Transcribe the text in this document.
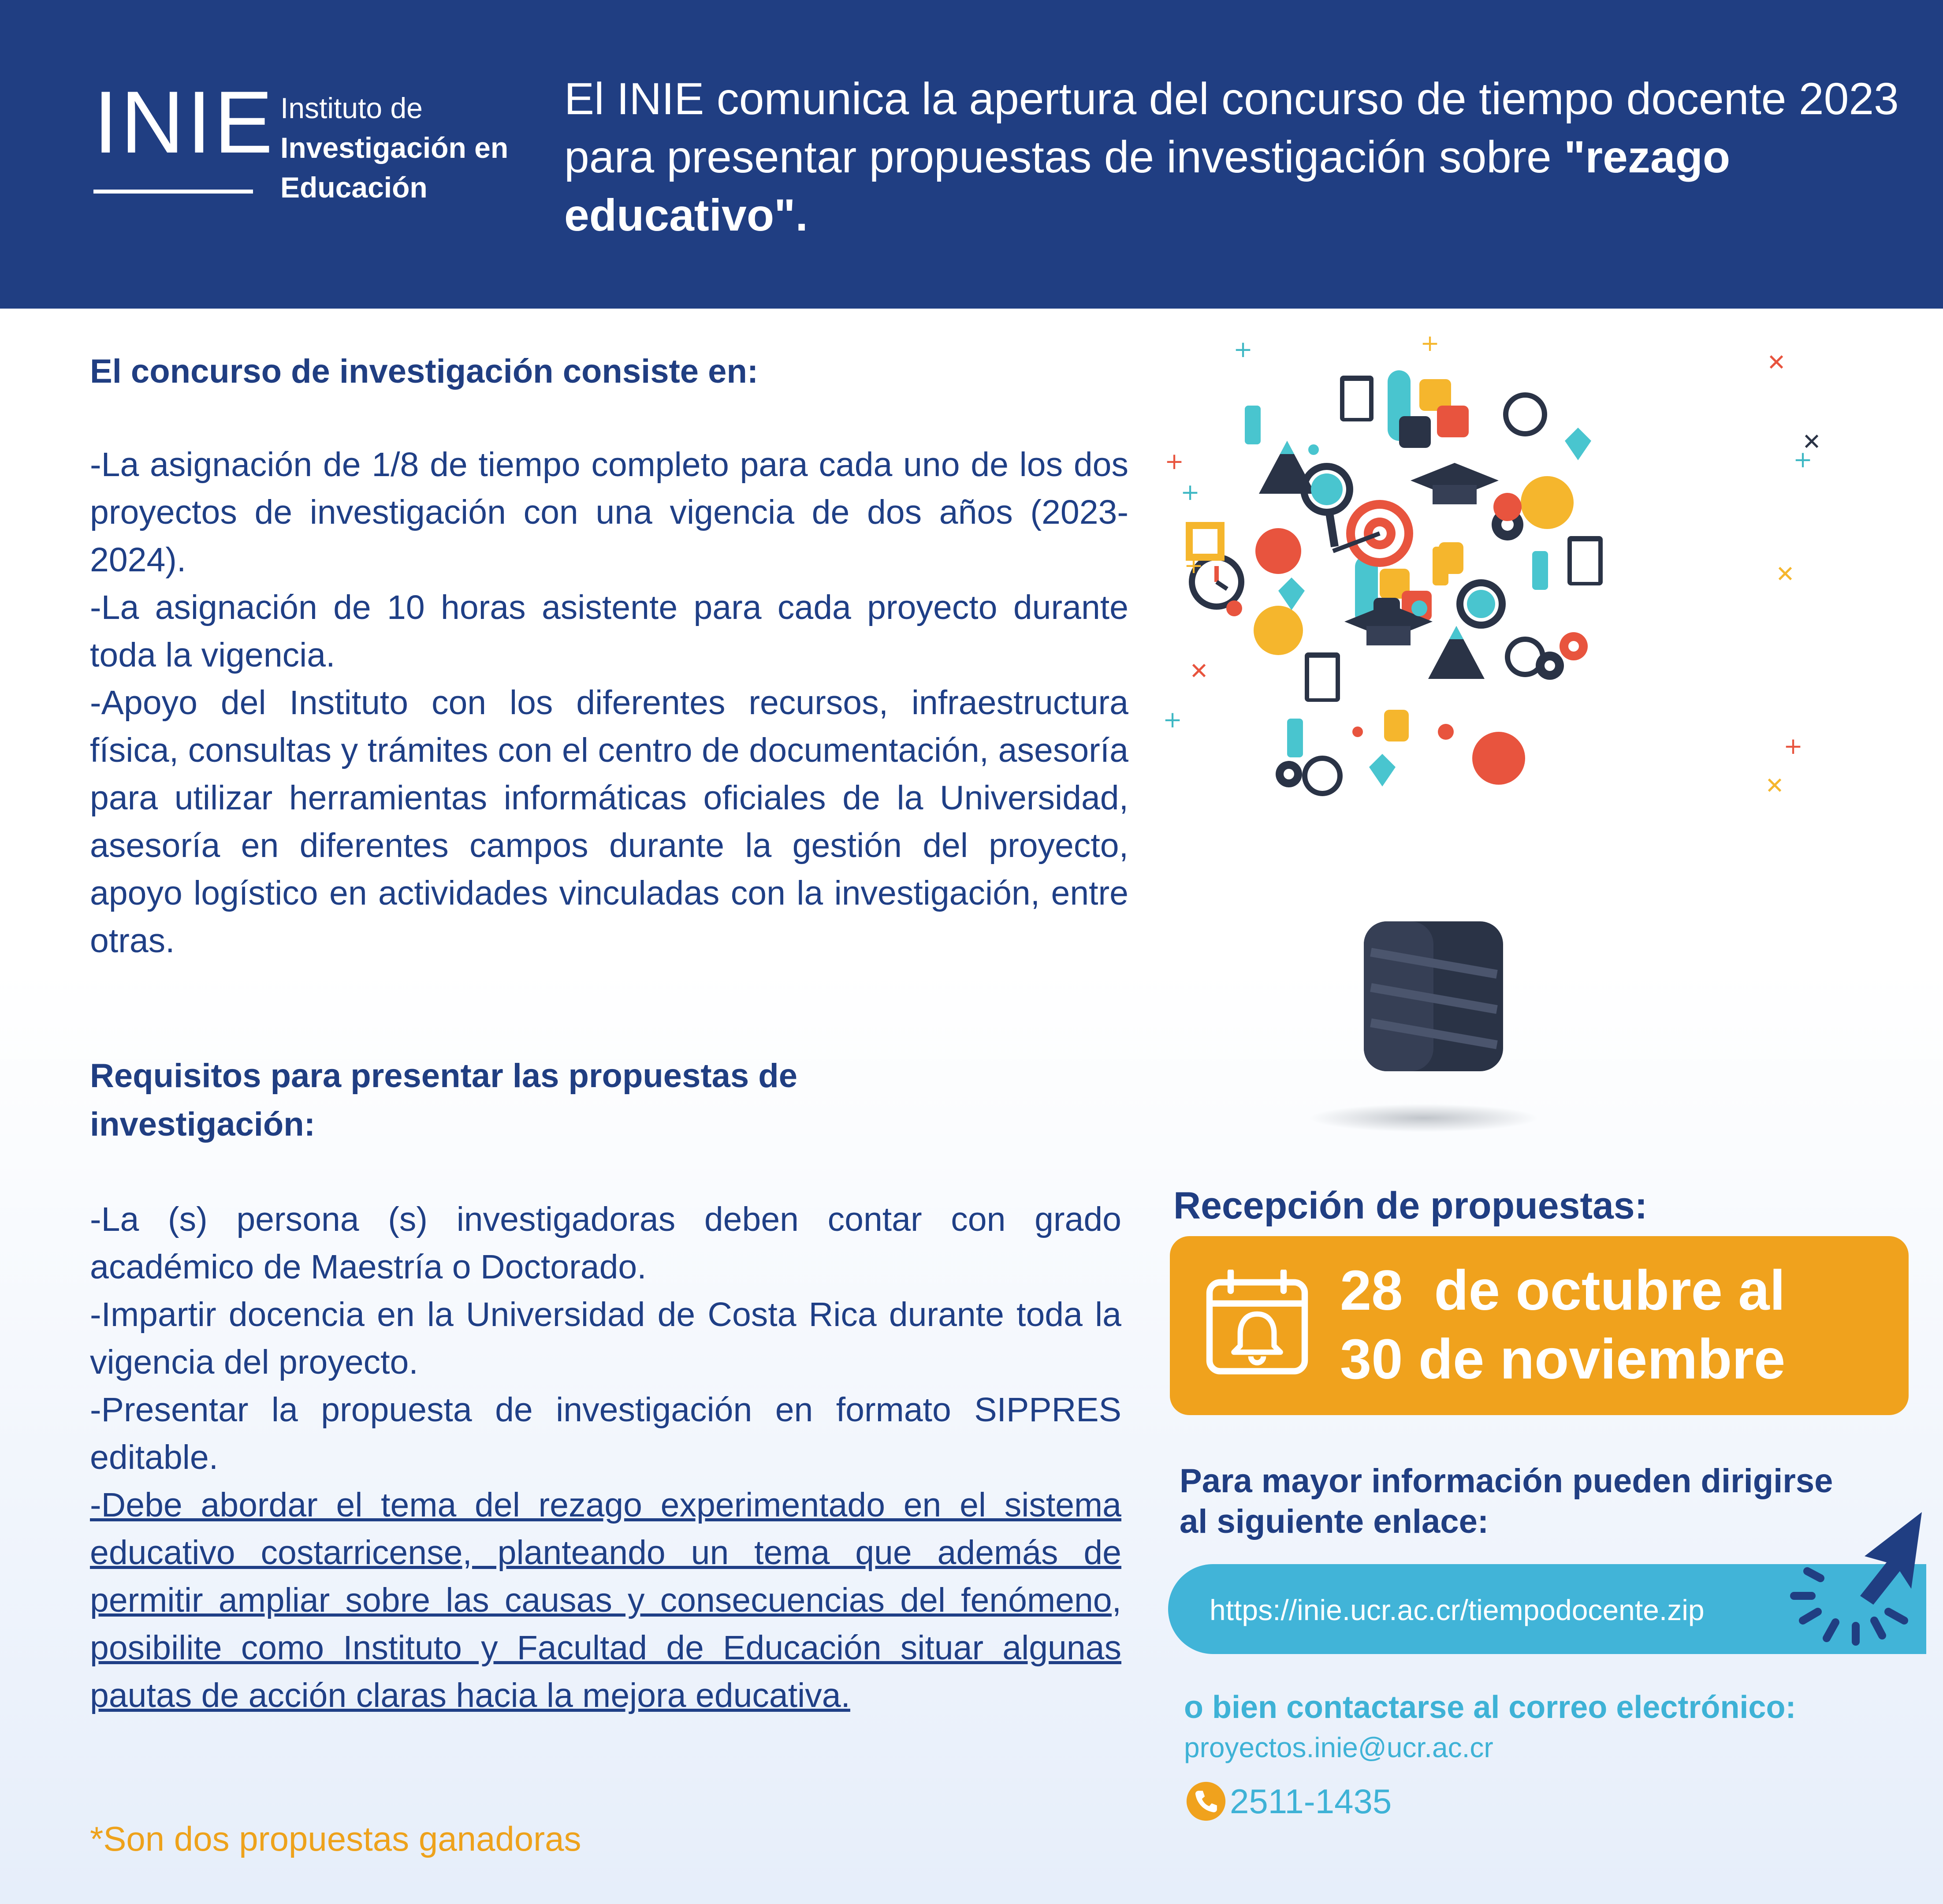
INIE Instituto de
Investigación en
Educación
El INIE comunica la apertura del concurso de tiempo docente 2023 para presentar propuestas de investigación sobre "rezago educativo".
El concurso de investigación consiste en:

-La asignación de 1/8 de tiempo completo para cada uno de los dos proyectos de investigación con una vigencia de dos años (2023-2024).

-La asignación de 10 horas asistente para cada proyecto durante toda la vigencia.

-Apoyo del Instituto con los diferentes recursos, infraestructura física, consultas y trámites con el centro de documentación, asesoría para utilizar herramientas informáticas oficiales de la Universidad, asesoría en diferentes campos durante la gestión del proyecto, apoyo logístico en actividades vinculadas con la investigación, entre otras.

Requisitos para presentar las propuestas de investigación:

-La (s) persona (s) investigadoras deben contar con grado académico de Maestría o Doctorado.

-Impartir docencia en la Universidad de Costa Rica durante toda la vigencia del proyecto.

-Presentar la propuesta de investigación en formato SIPPRES editable.

-Debe abordar el tema del rezago experimentado en el sistema educativo costarricense, planteando un tema que además de permitir ampliar sobre las causas y consecuencias del fenómeno, posibilite como Instituto y Facultad de Educación situar algunas pautas de acción claras hacia la mejora educativa.

*Son dos propuestas ganadoras
+
+	✕
✕
+
+
+
+	✕
✕
+
+
✕
Recepción de propuestas:
28  de octubre al
30 de noviembre
Para mayor información pueden dirigirse
al siguiente enlace:
https://inie.ucr.ac.cr/tiempodocente.zip
o bien contactarse al correo electrónico:
proyectos.inie@ucr.ac.cr
2511-1435
